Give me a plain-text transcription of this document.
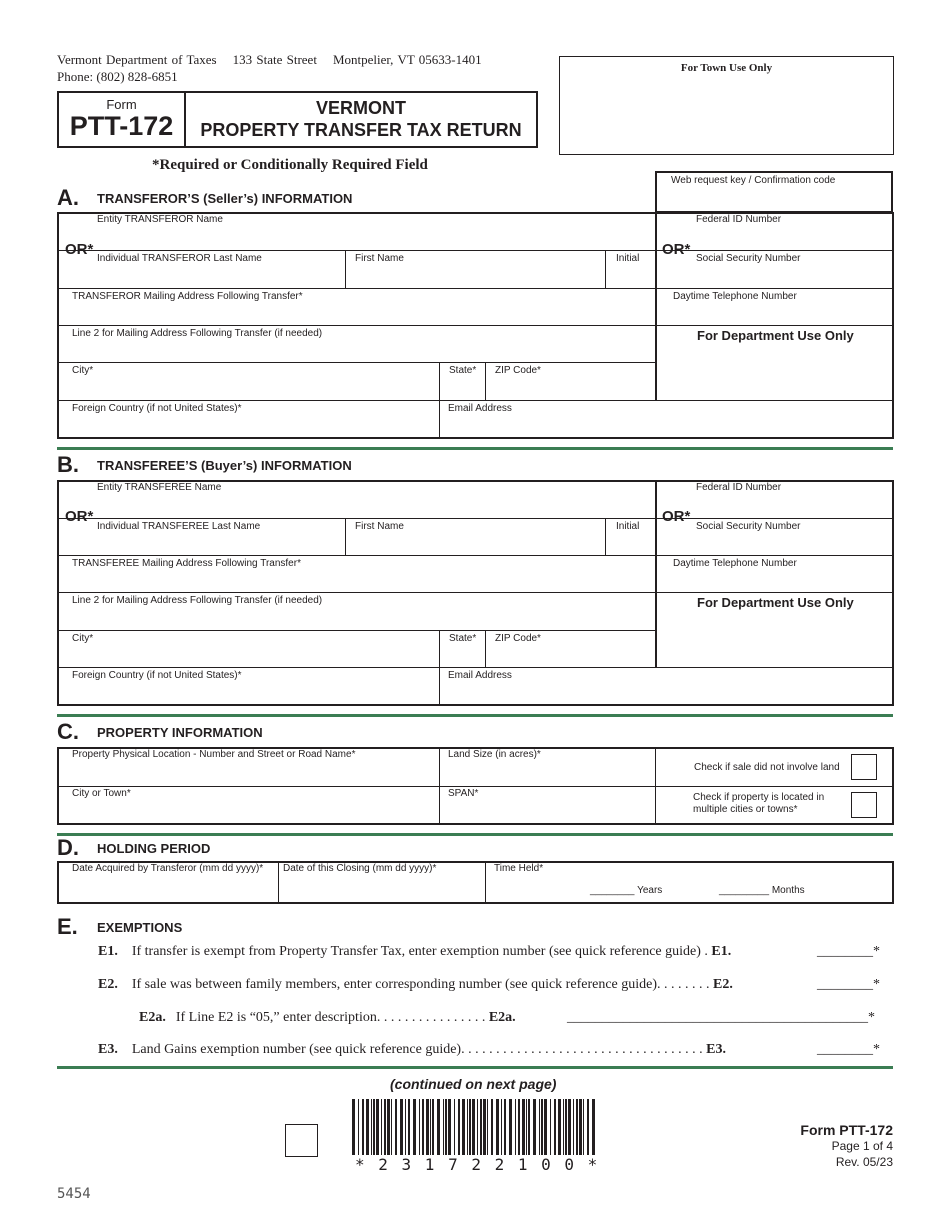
Vermont Department of Taxes 133 State Street Montpelier, VT 05633-1401
Phone: (802) 828-6851
Form
PTT-172
VERMONT
PROPERTY TRANSFER TAX RETURN
For Town Use Only
*Required or Conditionally Required Field
A. TRANSFEROR’S (Seller’s) INFORMATION
Web request key / Confirmation code
Entity TRANSFEROR Name
OR*
Individual TRANSFEROR Last Name	First Name	Initial
TRANSFEROR Mailing Address Following Transfer*
Line 2 for Mailing Address Following Transfer (if needed)
City*	State*	ZIP Code*
Foreign Country (if not United States)*	Email Address
Federal ID Number
OR*
Social Security Number
Daytime Telephone Number
For Department Use Only
B. TRANSFEREE’S (Buyer’s) INFORMATION
Entity TRANSFEREE Name
OR*
Individual TRANSFEREE Last Name	First Name	Initial
TRANSFEREE Mailing Address Following Transfer*
Line 2 for Mailing Address Following Transfer (if needed)
City*	State*	ZIP Code*
Foreign Country (if not United States)*	Email Address
Federal ID Number
OR*
Social Security Number
Daytime Telephone Number
For Department Use Only
C. PROPERTY INFORMATION
Property Physical Location - Number and Street or Road Name*	Land Size (in acres)*
Check if sale did not involve land
City or Town*	SPAN*	Check if property is located in multiple cities or towns*
D. HOLDING PERIOD
Date Acquired by Transferor (mm dd yyyy)*	Date of this Closing (mm dd yyyy)*	Time Held*
________ Years	_________ Months
E. EXEMPTIONS
E1. If transfer is exempt from Property Transfer Tax, enter exemption number (see quick reference guide) . E1.	________*
E2. If sale was between family members, enter corresponding number (see quick reference guide). . . . . . . . E2.	________*
E2a. If Line E2 is “05,” enter description. . . . . . . . . . . . . . . . E2a.	___________________________________________*
E3. Land Gains exemption number (see quick reference guide). . . . . . . . . . . . . . . . . . . . . . . . . . . . . . . . . . . E3.	________*
(continued on next page)
* 2 3 1 7 2 2 1 0 0 *
5454
Form PTT-172
Page 1 of 4
Rev. 05/23
